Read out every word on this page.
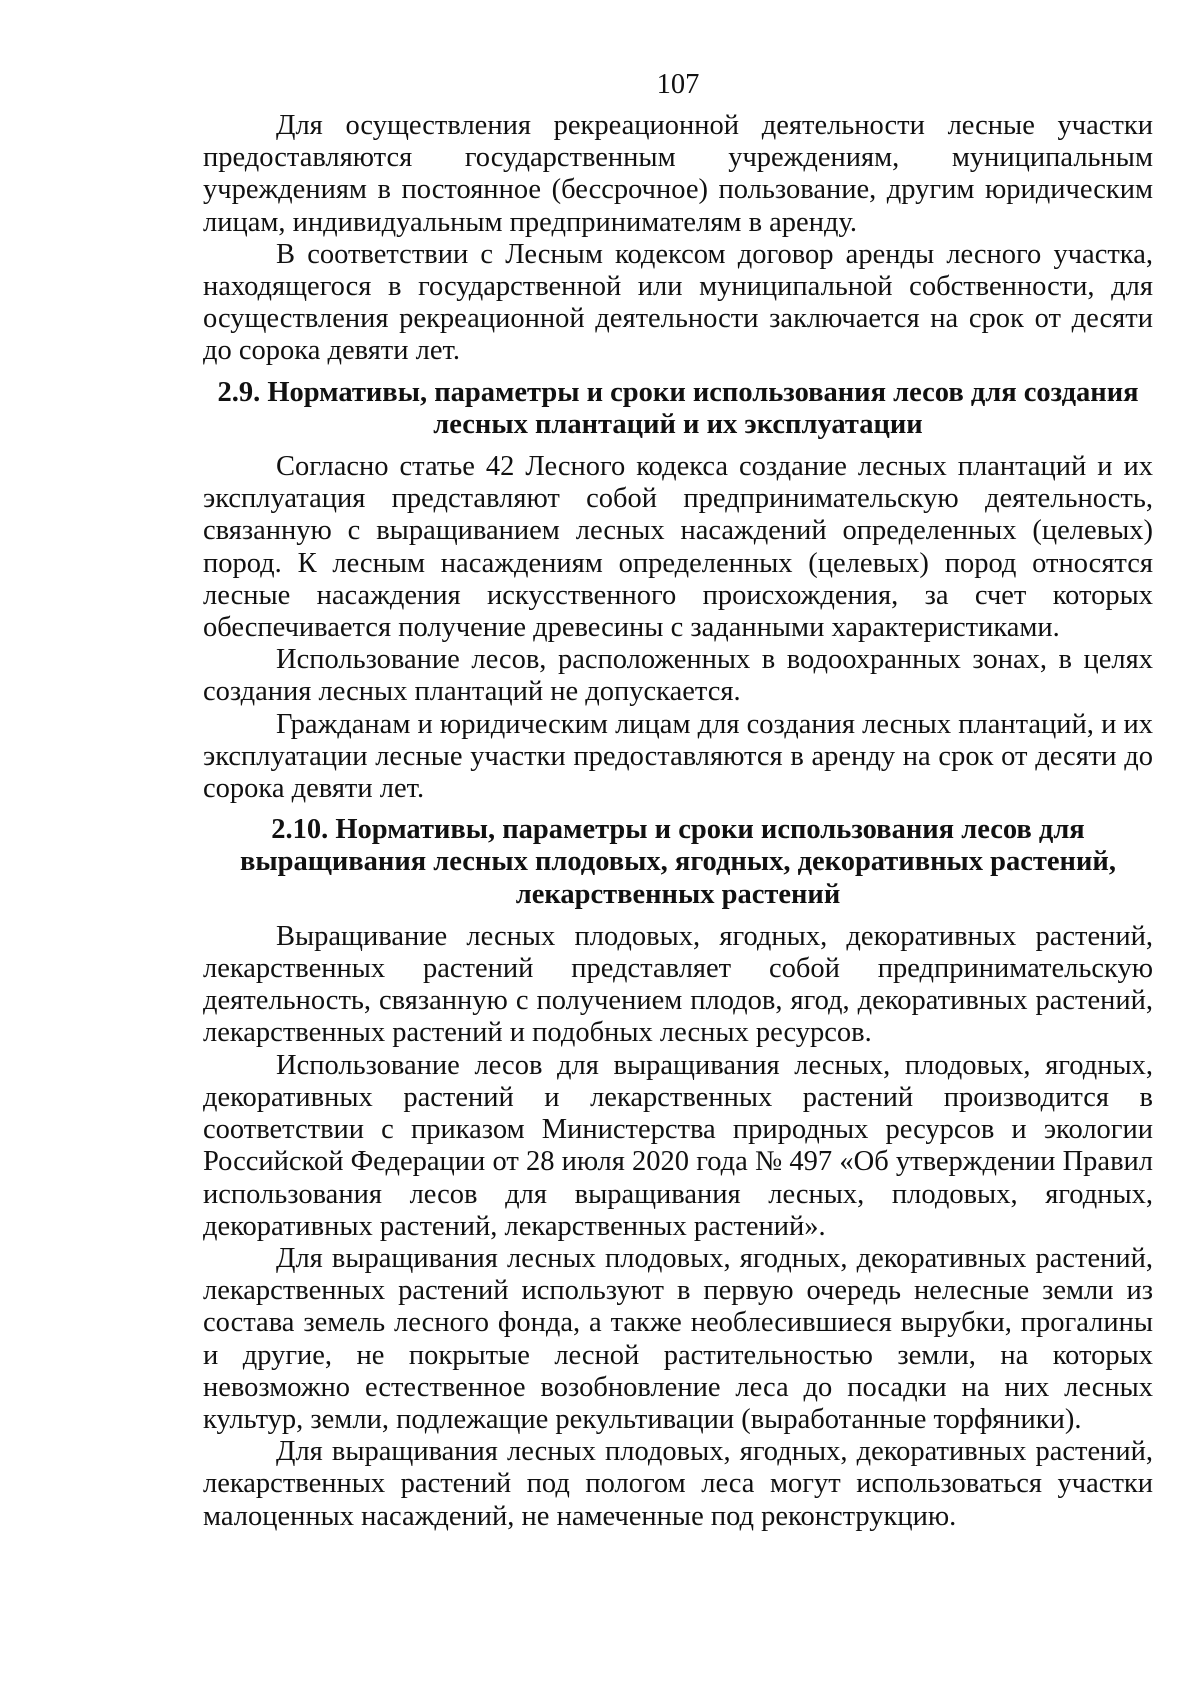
107

Для осуществления рекреационной деятельности лесные участки предоставляются государственным учреждениям, муниципальным учреждениям в постоянное (бессрочное) пользование, другим юридическим лицам, индивидуальным предпринимателям в аренду.

В соответствии с Лесным кодексом договор аренды лесного участка, находящегося в государственной или муниципальной собственности, для осуществления рекреационной деятельности заключается на срок от десяти до сорока девяти лет.

2.9. Нормативы, параметры и сроки использования лесов для создания лесных плантаций и их эксплуатации

Согласно статье 42 Лесного кодекса создание лесных плантаций и их эксплуатация представляют собой предпринимательскую деятельность, связанную с выращиванием лесных насаждений определенных (целевых) пород. К лесным насаждениям определенных (целевых) пород относятся лесные насаждения искусственного происхождения, за счет которых обеспечивается получение древесины с заданными характеристиками.

Использование лесов, расположенных в водоохранных зонах, в целях создания лесных плантаций не допускается.

Гражданам и юридическим лицам для создания лесных плантаций, и их эксплуатации лесные участки предоставляются в аренду на срок от десяти до сорока девяти лет.

2.10. Нормативы, параметры и сроки использования лесов для выращивания лесных плодовых, ягодных, декоративных растений, лекарственных растений

Выращивание лесных плодовых, ягодных, декоративных растений, лекарственных растений представляет собой предпринимательскую деятельность, связанную с получением плодов, ягод, декоративных растений, лекарственных растений и подобных лесных ресурсов.

Использование лесов для выращивания лесных, плодовых, ягодных, декоративных растений и лекарственных растений производится в соответствии с приказом Министерства природных ресурсов и экологии Российской Федерации от 28 июля 2020 года № 497 «Об утверждении Правил использования лесов для выращивания лесных, плодовых, ягодных, декоративных растений, лекарственных растений».

Для выращивания лесных плодовых, ягодных, декоративных растений, лекарственных растений используют в первую очередь нелесные земли из состава земель лесного фонда, а также необлесившиеся вырубки, прогалины и другие, не покрытые лесной растительностью земли, на которых невозможно естественное возобновление леса до посадки на них лесных культур, земли, подлежащие рекультивации (выработанные торфяники).

Для выращивания лесных плодовых, ягодных, декоративных растений, лекарственных растений под пологом леса могут использоваться участки малоценных насаждений, не намеченные под реконструкцию.
